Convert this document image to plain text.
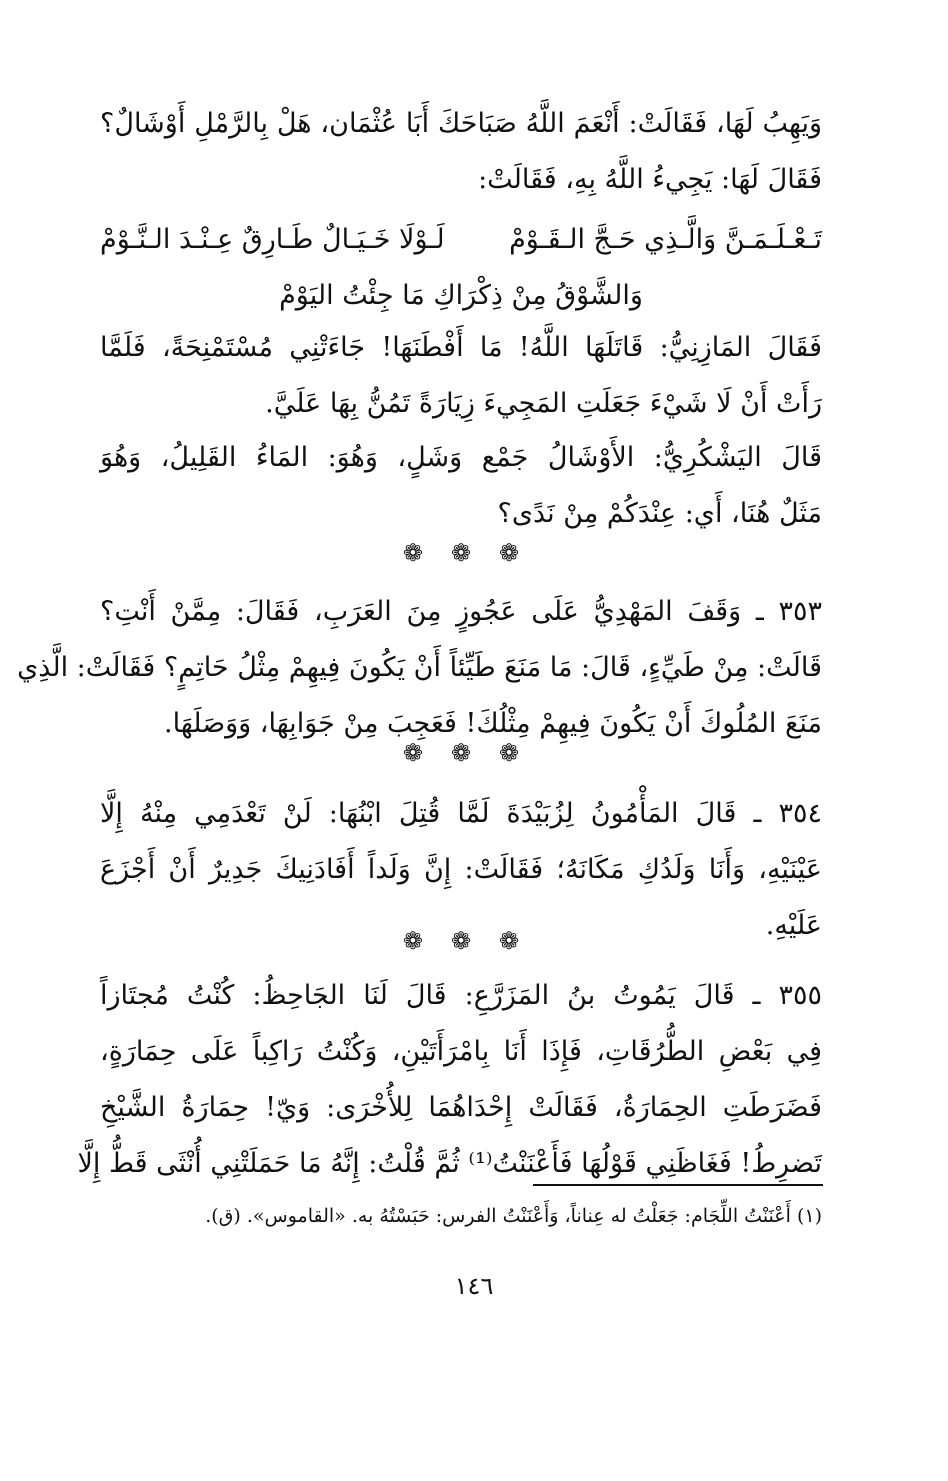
وَيَهِبُ لَهَا، فَقَالَتْ: أَنْعَمَ اللَّهُ صَبَاحَكَ أَبَا عُثْمَان، هَلْ بِالرَّمْلِ أَوْشَالٌ؟
فَقَالَ لَهَا: يَجِيءُ اللَّهُ بِهِ، فَقَالَتْ:
تَـعْـلَـمَـنَّ وَالَّـذِي حَـجَّ الـقَـوْمْ
لَـوْلَا خَـيَـالٌ طَـارِقٌ عِـنْـدَ الـنَّـوْمْ
وَالشَّوْقُ مِنْ ذِكْرَاكِ مَا جِئْتُ اليَوْمْ
فَقَالَ المَازِنِيُّ: قَاتَلَهَا اللَّهُ! مَا أَفْطَنَهَا! جَاءَتْنِي مُسْتَمْنِحَةً، فَلَمَّا
رَأَتْ أَنْ لَا شَيْءَ جَعَلَتِ المَجِيءَ زِيَارَةً تَمُنُّ بِهَا عَلَيَّ.
قَالَ اليَشْكُرِيُّ: الأَوْشَالُ جَمْع وَشَلٍ، وَهُوَ: المَاءُ القَلِيلُ، وَهُوَ
مَثَلٌ هُنَا، أَي: عِنْدَكُمْ مِنْ نَدًى؟
❁ ❁ ❁
٣٥٣ ـ وَقَفَ المَهْدِيُّ عَلَى عَجُوزٍ مِنَ العَرَبِ، فَقَالَ: مِمَّنْ أَنْتِ؟
قَالَتْ: مِنْ طَيِّءٍ، قَالَ: مَا مَنَعَ طَيِّئاً أَنْ يَكُونَ فِيهِمْ مِثْلُ حَاتِمٍ؟ فَقَالَتْ: الَّذِي
مَنَعَ المُلُوكَ أَنْ يَكُونَ فِيهِمْ مِثْلُكَ! فَعَجِبَ مِنْ جَوَابِهَا، وَوَصَلَهَا.
❁ ❁ ❁
٣٥٤ ـ قَالَ المَأْمُونُ لِزُبَيْدَةَ لَمَّا قُتِلَ ابْنُهَا: لَنْ تَعْدَمِي مِنْهُ إِلَّا
عَيْنَيْهِ، وَأَنَا وَلَدُكِ مَكَانَهُ؛ فَقَالَتْ: إِنَّ وَلَداً أَفَادَنِيكَ جَدِيرٌ أَنْ أَجْزَعَ
عَلَيْهِ.
❁ ❁ ❁
٣٥٥ ـ قَالَ يَمُوتُ بنُ المَزَرَّعِ: قَالَ لَنَا الجَاحِظُ: كُنْتُ مُجتَازاً
فِي بَعْضِ الطُّرُقَاتِ، فَإِذَا أَنَا بِامْرَأَتَيْنِ، وَكُنْتُ رَاكِباً عَلَى حِمَارَةٍ،
فَضَرَطَتِ الحِمَارَةُ، فَقَالَتْ إِحْدَاهُمَا لِلأُخْرَى: وَيّ! حِمَارَةُ الشَّيْخِ
تَضرِطُ! فَغَاظَنِي قَوْلُهَا فَأَعْنَنْتُ⁽¹⁾ ثُمَّ قُلْتُ: إِنَّهُ مَا حَمَلَتْنِي أُنْثَى قَطُّ إِلَّا
(١) أَعْنَنْتُ اللِّجَام: جَعَلْتُ له عِناناً، وَأَعْنَنْتُ الفرس: حَبَسْتُهُ به. «القاموس». (ق).
١٤٦
